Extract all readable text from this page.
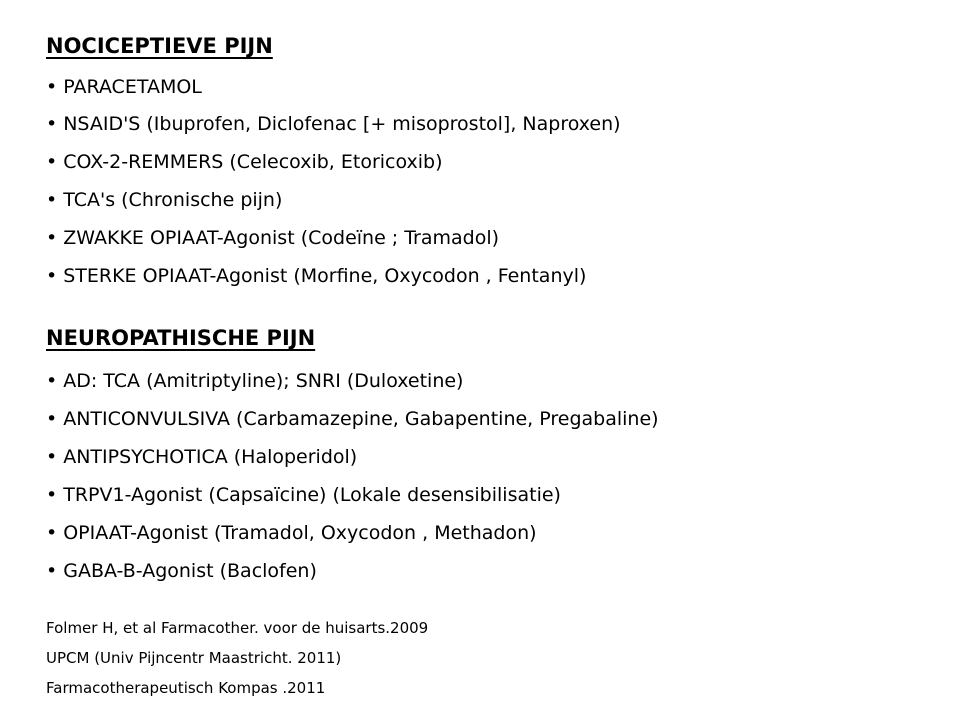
NOCICEPTIEVE PIJN
• PARACETAMOL
• NSAID'S (Ibuprofen, Diclofenac [+ misoprostol], Naproxen)
• COX-2-REMMERS (Celecoxib, Etoricoxib)
• TCA's (Chronische pijn)
• ZWAKKE OPIAAT-Agonist (Codeïne ; Tramadol)
• STERKE OPIAAT-Agonist (Morfine, Oxycodon , Fentanyl)
NEUROPATHISCHE PIJN
• AD: TCA (Amitriptyline); SNRI (Duloxetine)
• ANTICONVULSIVA (Carbamazepine, Gabapentine, Pregabaline)
• ANTIPSYCHOTICA (Haloperidol)
• TRPV1-Agonist (Capsaïcine) (Lokale desensibilisatie)
• OPIAAT-Agonist (Tramadol, Oxycodon , Methadon)
• GABA-B-Agonist (Baclofen)
Folmer H, et al Farmacother. voor de huisarts.2009
UPCM (Univ Pijncentr Maastricht. 2011)
Farmacotherapeutisch Kompas .2011
